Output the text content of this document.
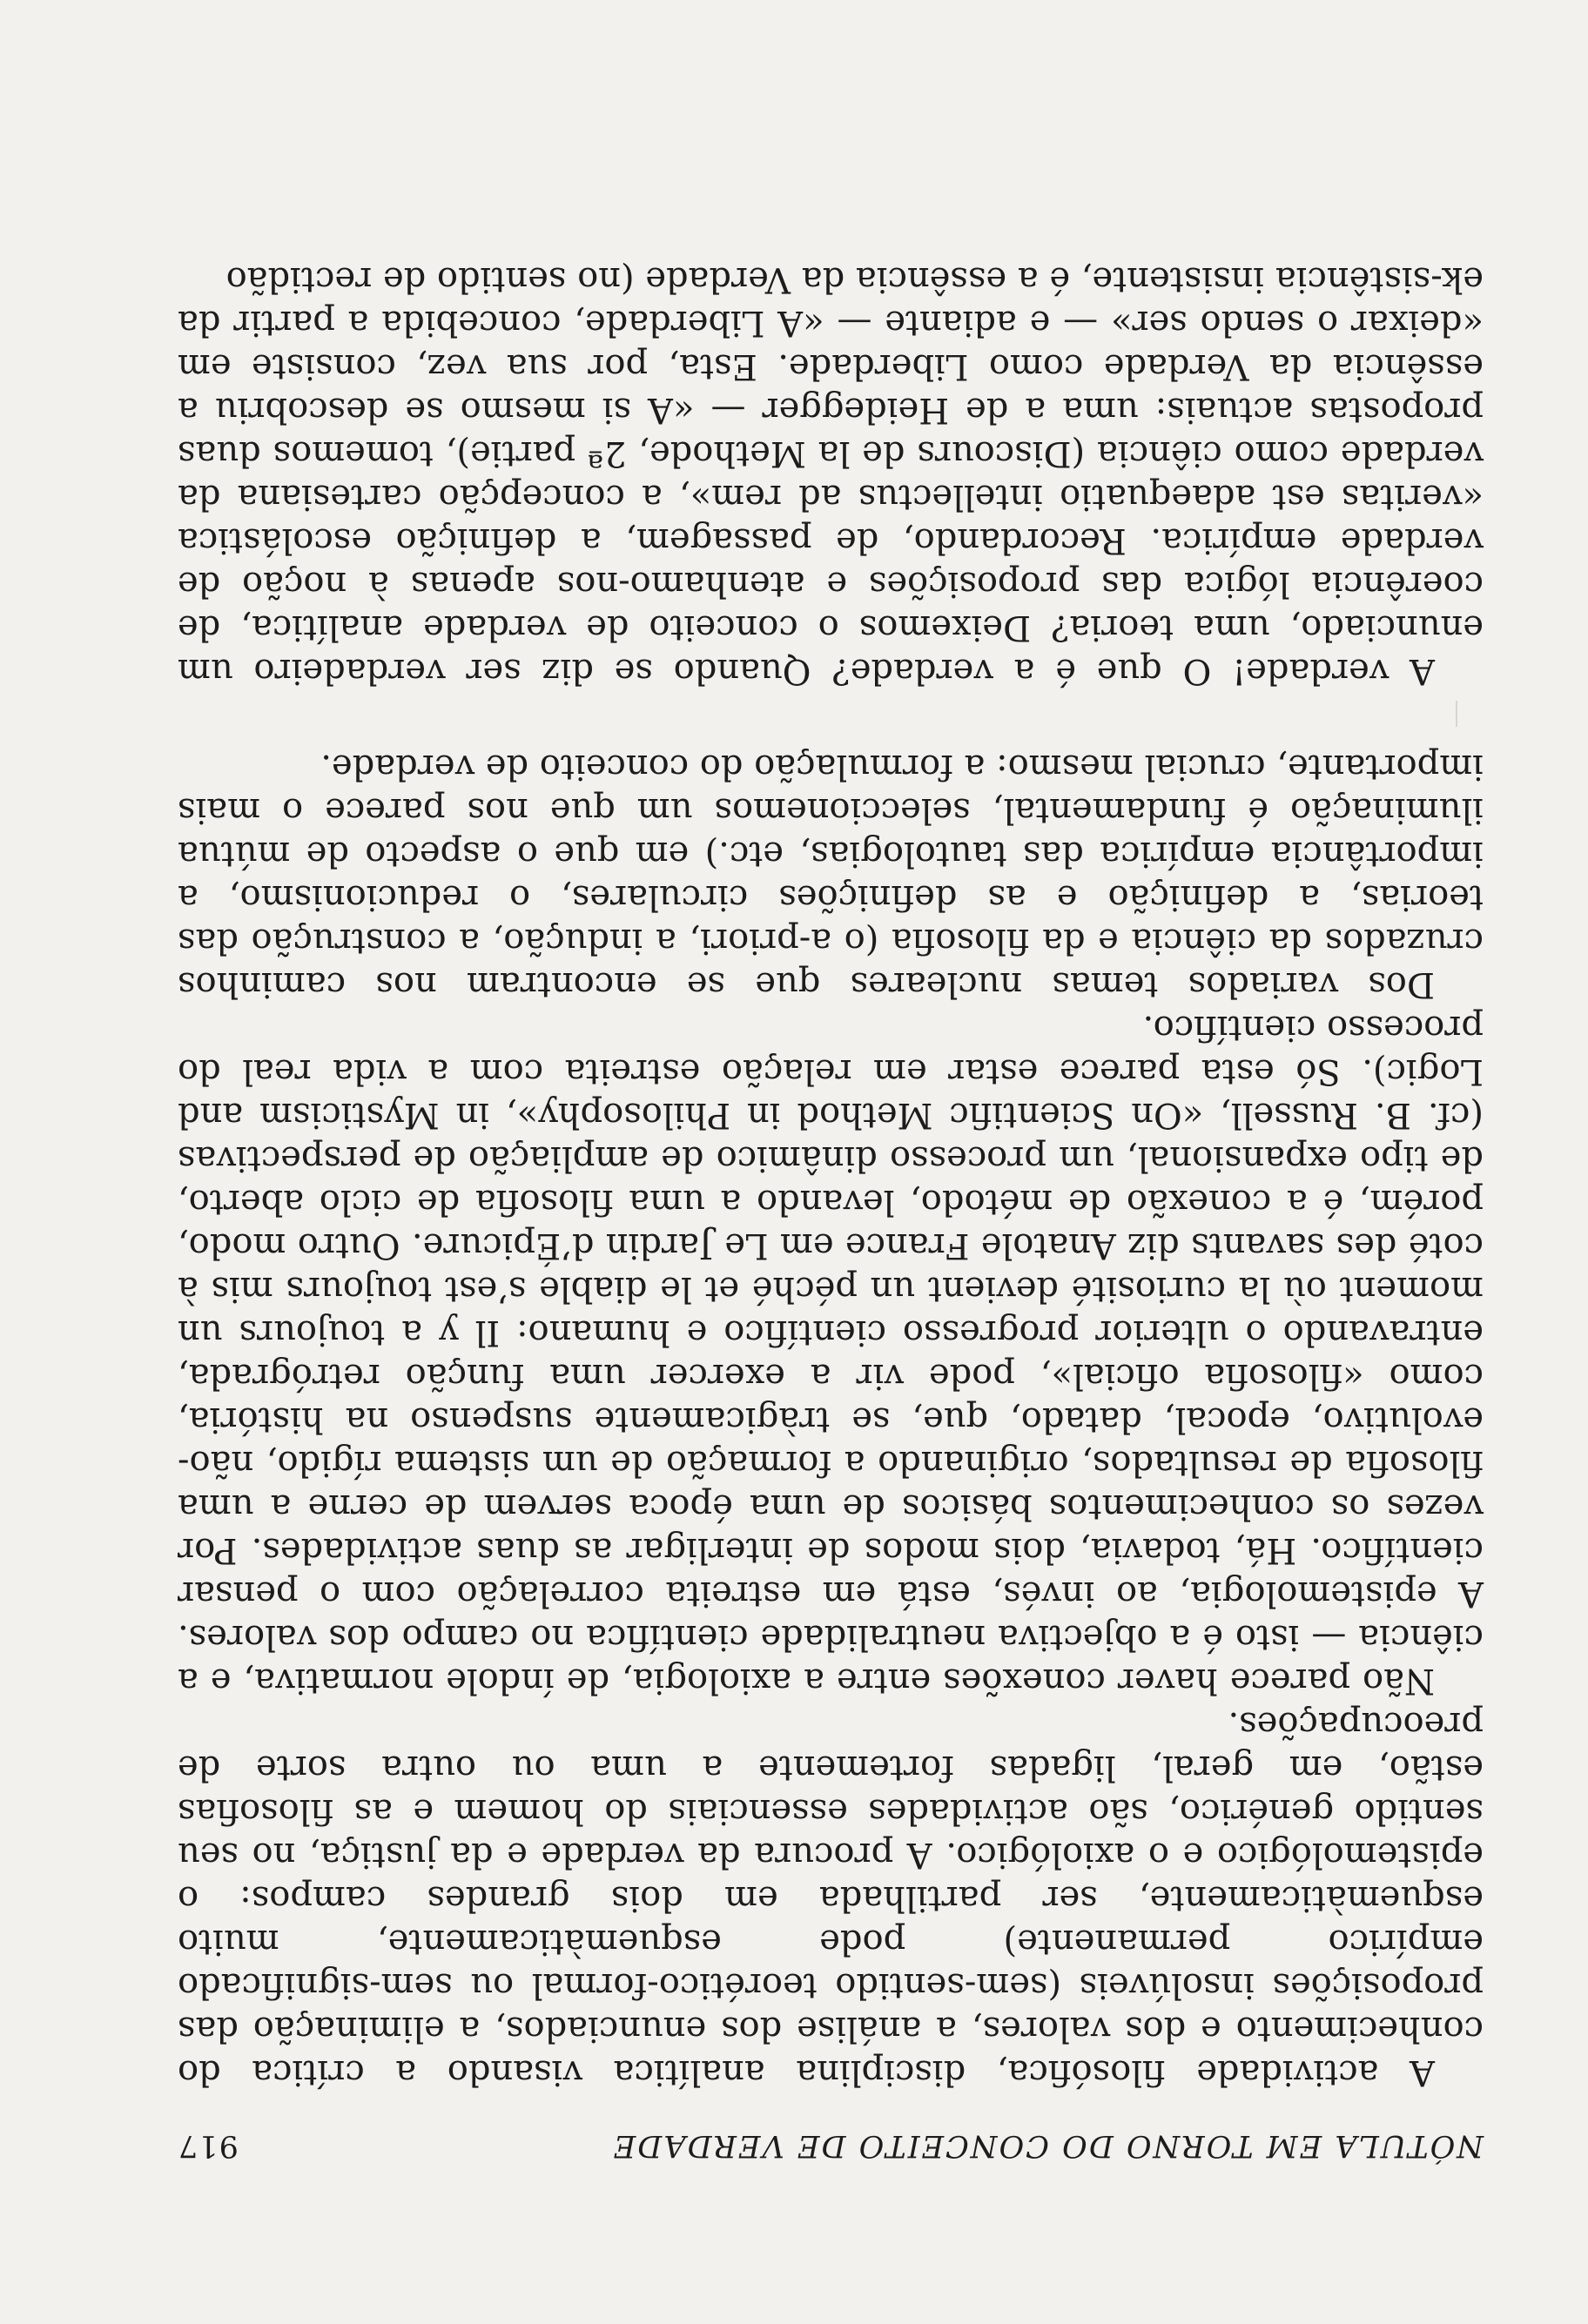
NÓTULA EM TORNO DO CONCEITO DE VERDADE
917

A actividade filosófica, disciplina analítica visando a crítica do conhecimento e dos valores, a análise dos enunciados, a eliminação das proposições insolúveis (sem-sentido teorético-formal ou sem-significado empírico permanente) pode esquemàticamente, muito esquemàticamente, ser partilhada em dois grandes campos: o epistemológico e o axiológico. A procura da verdade e da justiça, no seu sentido genérico, são actividades essenciais do homem e as filosofias estão, em geral, ligadas fortemente a uma ou outra sorte de preocupações.

Não parece haver conexões entre a axiologia, de índole normativa, e a ciência — isto é a objectiva neutralidade científica no campo dos valores. A epistemologia, ao invés, está em estreita correlação com o pensar científico. Há, todavia, dois modos de interligar as duas actividades. Por vezes os conhecimentos básicos de uma época servem de cerne a uma filosofia de resultados, originando a formação de um sistema rígido, não-evolutivo, epocal, datado, que, se tràgicamente suspenso na história, como «filosofia oficial», pode vir a exercer uma função retrógrada, entravando o ulterior progresso científico e humano: Il y a toujours un moment où la curiosité devient un péché et le diable s’est toujours mis à coté des savants diz Anatole France em Le Jardin d’Épicure. Outro modo, porém, é a conexão de método, levando a uma filosofia de ciclo aberto, de tipo expansional, um processo dinâmico de ampliação de perspectivas (cf. B. Russell, «On Scientific Method in Philosophy», in Mysticism and Logic). Só esta parece estar em relação estreita com a vida real do processo científico.

Dos variados temas nucleares que se encontram nos caminhos cruzados da ciência e da filosofia (o a-priori, a indução, a construção das teorias, a definição e as definições circulares, o reducionismo, a importância empírica das tautologias, etc.) em que o aspecto de mútua iluminação é fundamental, seleccionemos um que nos parece o mais importante, crucial mesmo: a formulação do conceito de verdade.

A verdade! O que é a verdade? Quando se diz ser verdadeiro um enunciado, uma teoria? Deixemos o conceito de verdade analítica, de coerência lógica das proposições e atenhamo-nos apenas à noção de verdade empírica. Recordando, de passagem, a definição escolástica «veritas est adaequatio intellectus ad rem», a concepção cartesiana da verdade como ciência (Discours de la Methode, 2ª partie), tomemos duas propostas actuais: uma a de Heidegger — «A si mesmo se descobriu a essência da Verdade como Liberdade. Esta, por sua vez, consiste em «deixar o sendo ser» — e adiante — «A Liberdade, concebida a partir da ek-sistência insistente, é a essência da Verdade (no sentido de rectidão
